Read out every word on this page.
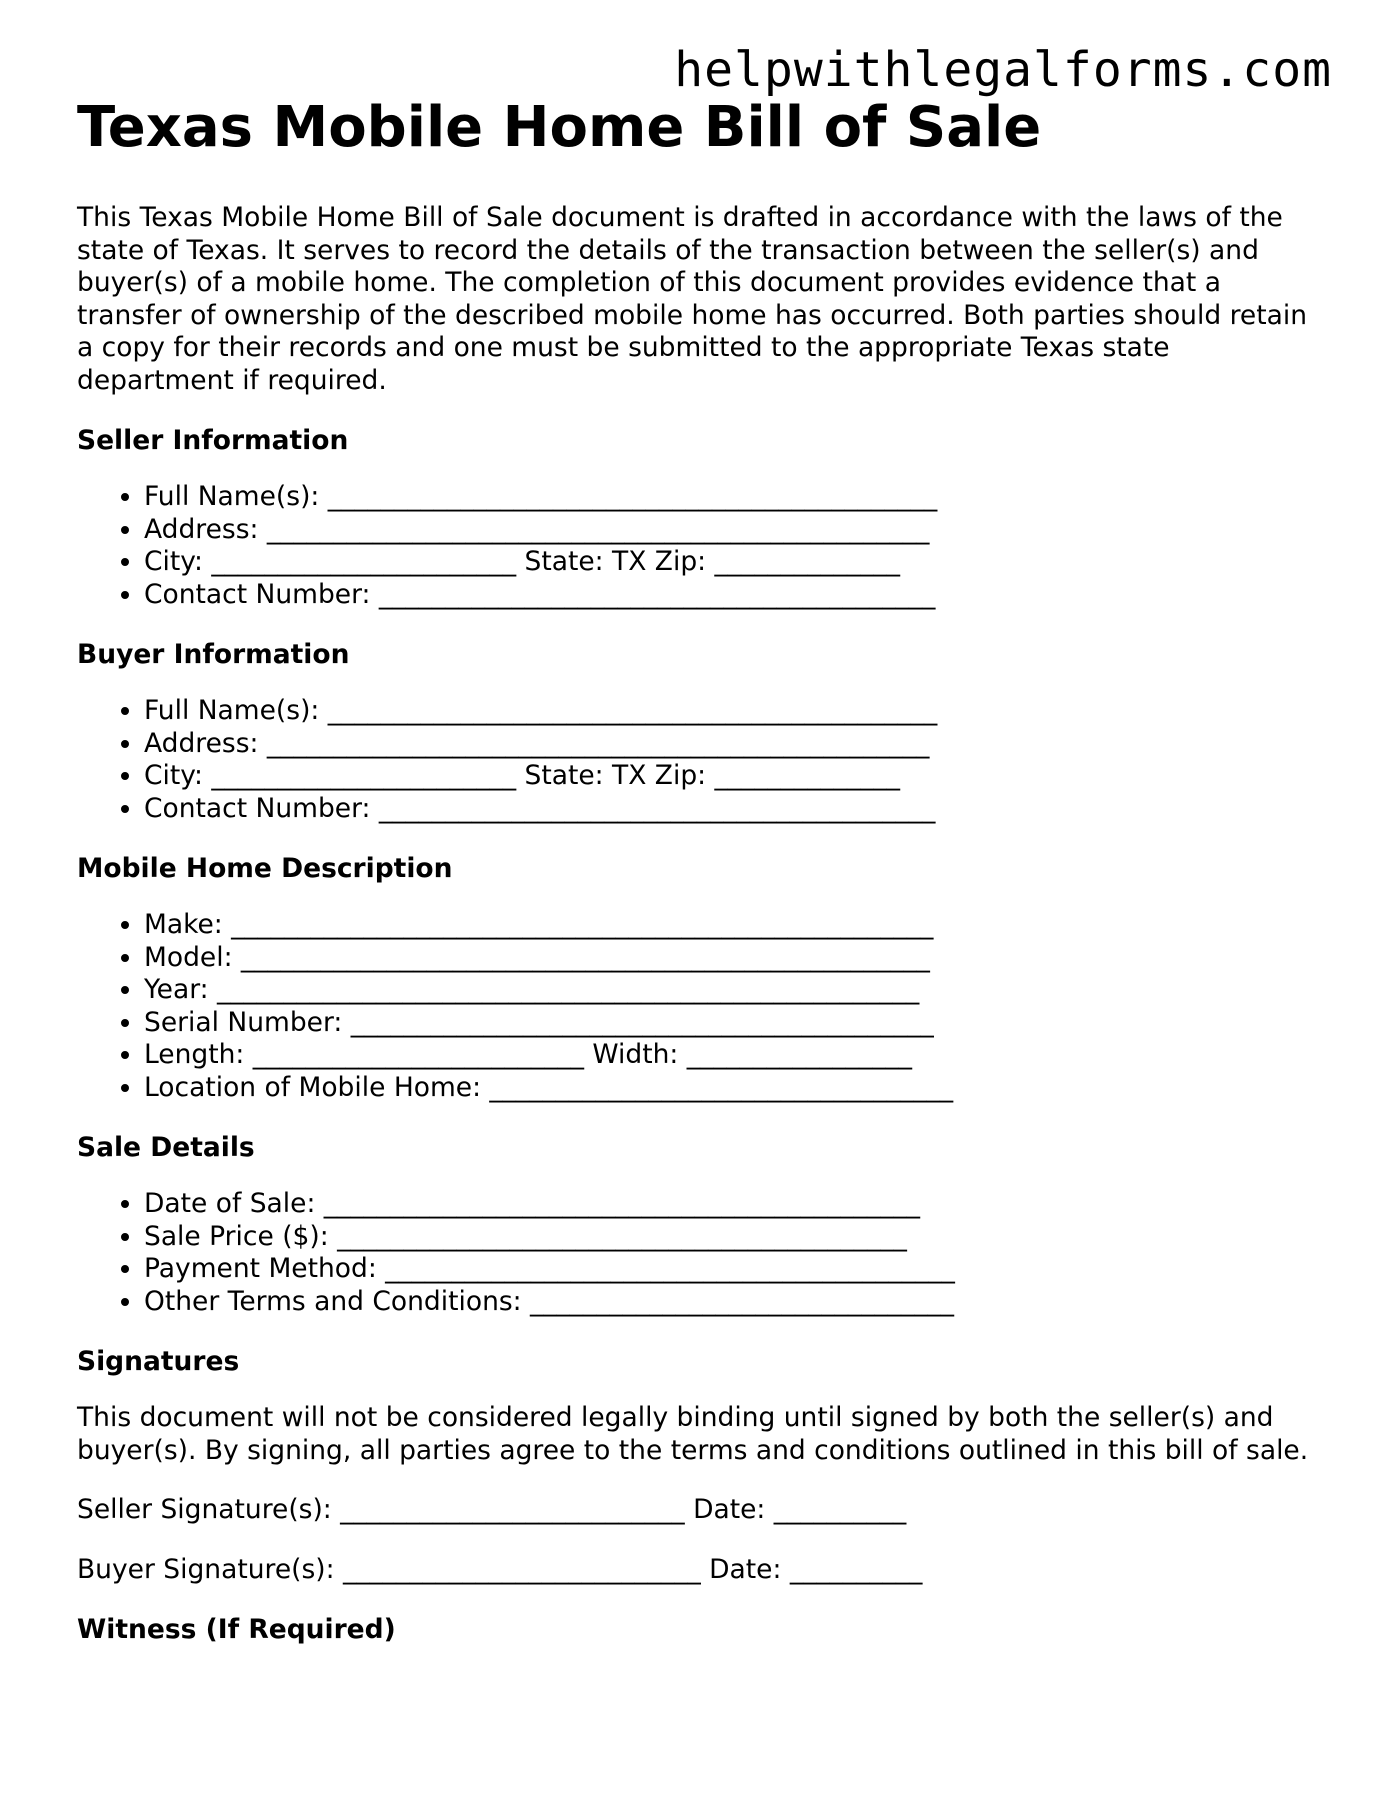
helpwithlegalforms.com
Texas Mobile Home Bill of Sale

This Texas Mobile Home Bill of Sale document is drafted in accordance with the laws of the state of Texas. It serves to record the details of the transaction between the seller(s) and buyer(s) of a mobile home. The completion of this document provides evidence that a transfer of ownership of the described mobile home has occurred. Both parties should retain a copy for their records and one must be submitted to the appropriate Texas state department if required.

Seller Information
• Full Name(s): ______________________________________________
• Address: __________________________________________________
• City: _______________________ State: TX Zip: ______________
• Contact Number: __________________________________________
Buyer Information
• Full Name(s): ______________________________________________
• Address: __________________________________________________
• City: _______________________ State: TX Zip: ______________
• Contact Number: __________________________________________
Mobile Home Description
• Make: _____________________________________________________
• Model: ____________________________________________________
• Year: _____________________________________________________
• Serial Number: ____________________________________________
• Length: _________________________ Width: _________________
• Location of Mobile Home: ___________________________________
Sale Details
• Date of Sale: _____________________________________________
• Sale Price ($): ___________________________________________
• Payment Method: ___________________________________________
• Other Terms and Conditions: ________________________________
Signatures

This document will not be considered legally binding until signed by both the seller(s) and buyer(s). By signing, all parties agree to the terms and conditions outlined in this bill of sale.

Seller Signature(s): __________________________ Date: __________
Buyer Signature(s): ___________________________ Date: __________
Witness (If Required)
